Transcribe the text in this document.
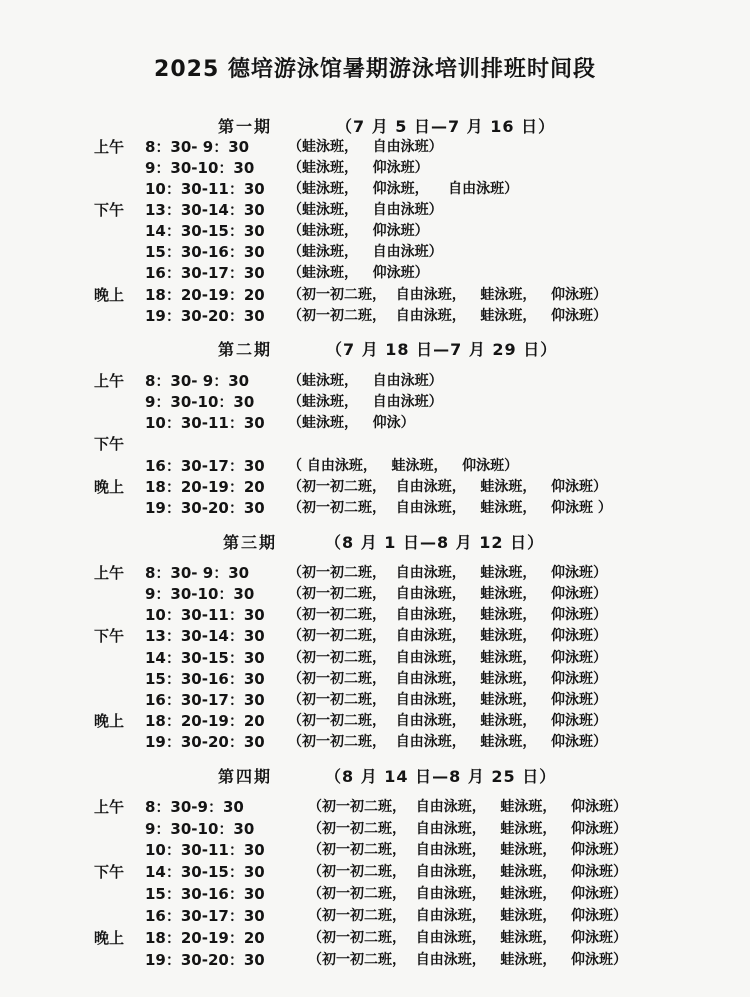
2025 德培游泳馆暑期游泳培训排班时间段
第一期	（7 月 5 日—7 月 16 日）
上午 8：30- 9：30	（蛙泳班，   自由泳班）
9：30-10：30 （蛙泳班，   仰泳班）
10：30-11：30 （蛙泳班，   仰泳班，    自由泳班）
下午 13：30-14：30 （蛙泳班，   自由泳班）
14：30-15：30 （蛙泳班，   仰泳班）
15：30-16：30 （蛙泳班，   自由泳班）
16：30-17：30 （蛙泳班，   仰泳班）
晚上 18：20-19：20 （初一初二班，  自由泳班，   蛙泳班，   仰泳班）
19：30-20：30 （初一初二班，  自由泳班，   蛙泳班，   仰泳班）
第二期	（7 月 18 日—7 月 29 日）
上午 8：30- 9：30	（蛙泳班，   自由泳班）
9：30-10：30 （蛙泳班，   自由泳班）
10：30-11：30 （蛙泳班，   仰泳）
下午
16：30-17：30 （ 自由泳班，   蛙泳班，   仰泳班）
晚上 18：20-19：20 （初一初二班，  自由泳班，   蛙泳班，   仰泳班）
19：30-20：30 （初一初二班，  自由泳班，   蛙泳班，   仰泳班 ）
第三期	（8 月 1 日—8 月 12 日）
上午 8：30- 9：30	（初一初二班，  自由泳班，   蛙泳班，   仰泳班）
9：30-10：30 （初一初二班，  自由泳班，   蛙泳班，   仰泳班）
10：30-11：30 （初一初二班，  自由泳班，   蛙泳班，   仰泳班）
下午 13：30-14：30 （初一初二班，  自由泳班，   蛙泳班，   仰泳班）
14：30-15：30 （初一初二班，  自由泳班，   蛙泳班，   仰泳班）
15：30-16：30 （初一初二班，  自由泳班，   蛙泳班，   仰泳班）
16：30-17：30 （初一初二班，  自由泳班，   蛙泳班，   仰泳班）
晚上 18：20-19：20 （初一初二班，  自由泳班，   蛙泳班，   仰泳班）
19：30-20：30 （初一初二班，  自由泳班，   蛙泳班，   仰泳班）
第四期	（8 月 14 日—8 月 25 日）
上午 8：30-9：30	（初一初二班，  自由泳班，   蛙泳班，   仰泳班）
9：30-10：30	（初一初二班，  自由泳班，   蛙泳班，   仰泳班）
10：30-11：30	（初一初二班，  自由泳班，   蛙泳班，   仰泳班）
下午 14：30-15：30	（初一初二班，  自由泳班，   蛙泳班，   仰泳班）
15：30-16：30	（初一初二班，  自由泳班，   蛙泳班，   仰泳班）
16：30-17：30	（初一初二班，  自由泳班，   蛙泳班，   仰泳班）
晚上 18：20-19：20	（初一初二班，  自由泳班，   蛙泳班，   仰泳班）
19：30-20：30	（初一初二班，  自由泳班，   蛙泳班，   仰泳班）
